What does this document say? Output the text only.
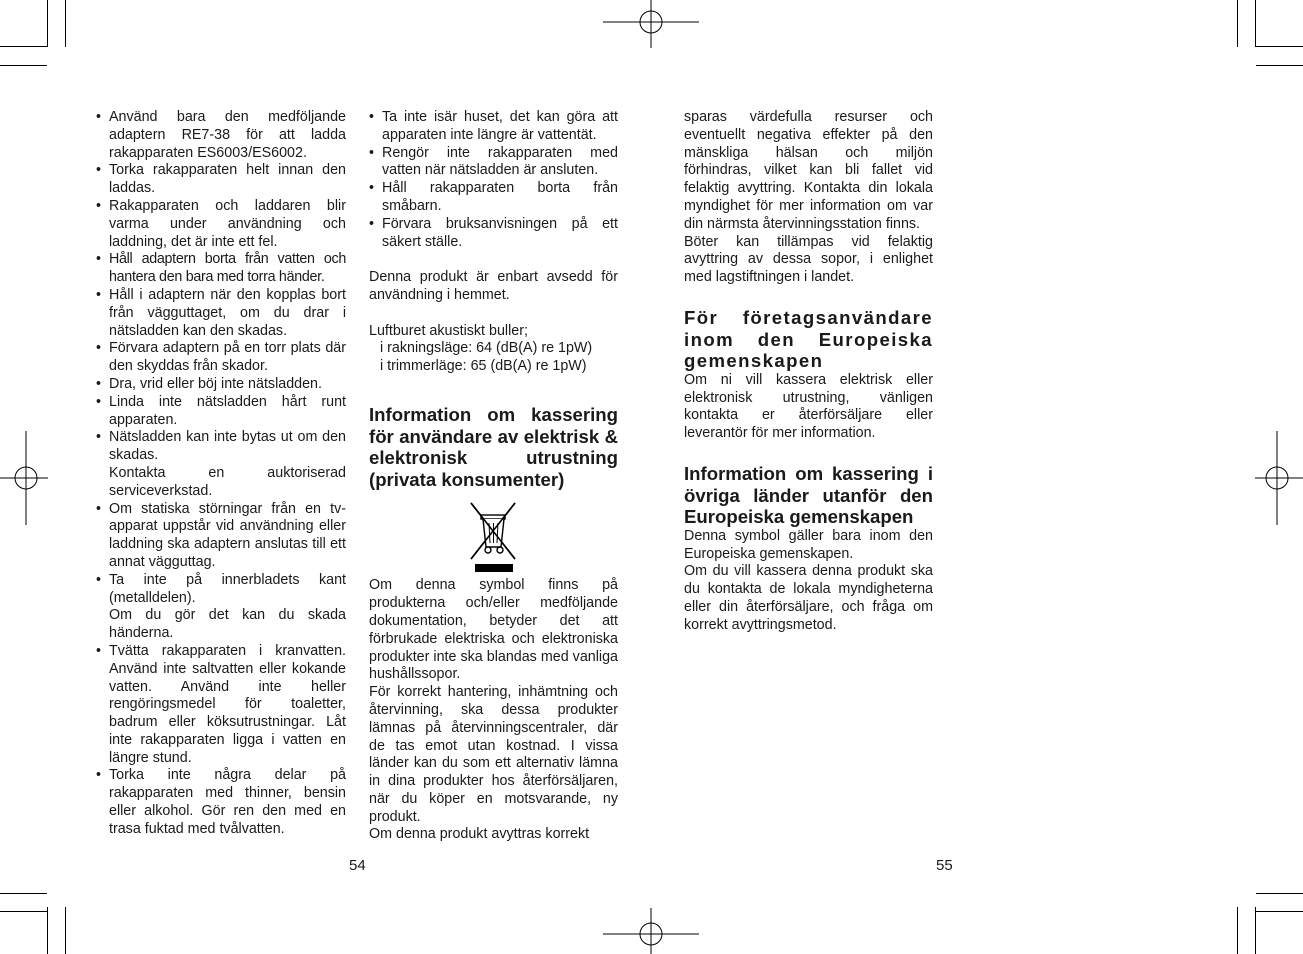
• Använd bara den medföljande adaptern RE7-38 för att ladda rakapparaten ES6003/ES6002.
• Torka rakapparaten helt innan den laddas.
• Rakapparaten och laddaren blir varma under användning och laddning, det är inte ett fel.
• Håll adaptern borta från vatten och hantera den bara med torra händer.
• Håll i adaptern när den kopplas bort från vägguttaget, om du drar i nätsladden kan den skadas.
• Förvara adaptern på en torr plats där den skyddas från skador.
• Dra, vrid eller böj inte nätsladden.
• Linda inte nätsladden hårt runt apparaten.
• Nätsladden kan inte bytas ut om den skadas.
Kontakta en auktoriserad serviceverkstad.
• Om statiska störningar från en tv-apparat uppstår vid användning eller laddning ska adaptern anslutas till ett annat vägguttag.
• Ta inte på innerbladets kant (metalldelen).
Om du gör det kan du skada händerna.
• Tvätta rakapparaten i kranvatten. Använd inte saltvatten eller kokande vatten. Använd inte heller rengöringsmedel för toaletter, badrum eller köksutrustningar. Låt inte rakapparaten ligga i vatten en längre stund.
• Torka inte några delar på rakapparaten med thinner, bensin eller alkohol. Gör ren den med en trasa fuktad med tvålvatten.
• Ta inte isär huset, det kan göra att apparaten inte längre är vattentät.
• Rengör inte rakapparaten med vatten när nätsladden är ansluten.
• Håll rakapparaten borta från småbarn.
• Förvara bruksanvisningen på ett säkert ställe.

Denna produkt är enbart avsedd för användning i hemmet.

Luftburet akustiskt buller;

i rakningsläge: 64 (dB(A) re 1pW)

i trimmerläge: 65 (dB(A) re 1pW)

Information om kassering för användare av elektrisk & elektronisk utrustning (privata konsumenter)

Om denna symbol finns på produkterna och/eller medföljande dokumentation, betyder det att förbrukade elektriska och elektroniska produkter inte ska blandas med vanliga hushållssopor.

För korrekt hantering, inhämtning och återvinning, ska dessa produkter lämnas på återvinningscentraler, där de tas emot utan kostnad. I vissa länder kan du som ett alternativ lämna in dina produkter hos återförsäljaren, när du köper en motsvarande, ny produkt.

Om denna produkt avyttras korrekt

sparas värdefulla resurser och eventuellt negativa effekter på den mänskliga hälsan och miljön förhindras, vilket kan bli fallet vid felaktig avyttring. Kontakta din lokala myndighet för mer information om var din närmsta återvinningsstation finns.

Böter kan tillämpas vid felaktig avyttring av dessa sopor, i enlighet med lagstiftningen i landet.

För företagsanvändare inom den Europeiska gemenskapen

Om ni vill kassera elektrisk eller elektronisk utrustning, vänligen kontakta er återförsäljare eller leverantör för mer information.

Information om kassering i övriga länder utanför den Europeiska gemenskapen

Denna symbol gäller bara inom den Europeiska gemenskapen.

Om du vill kassera denna produkt ska du kontakta de lokala myndigheterna eller din återförsäljare, och fråga om korrekt avyttringsmetod.

54	55
